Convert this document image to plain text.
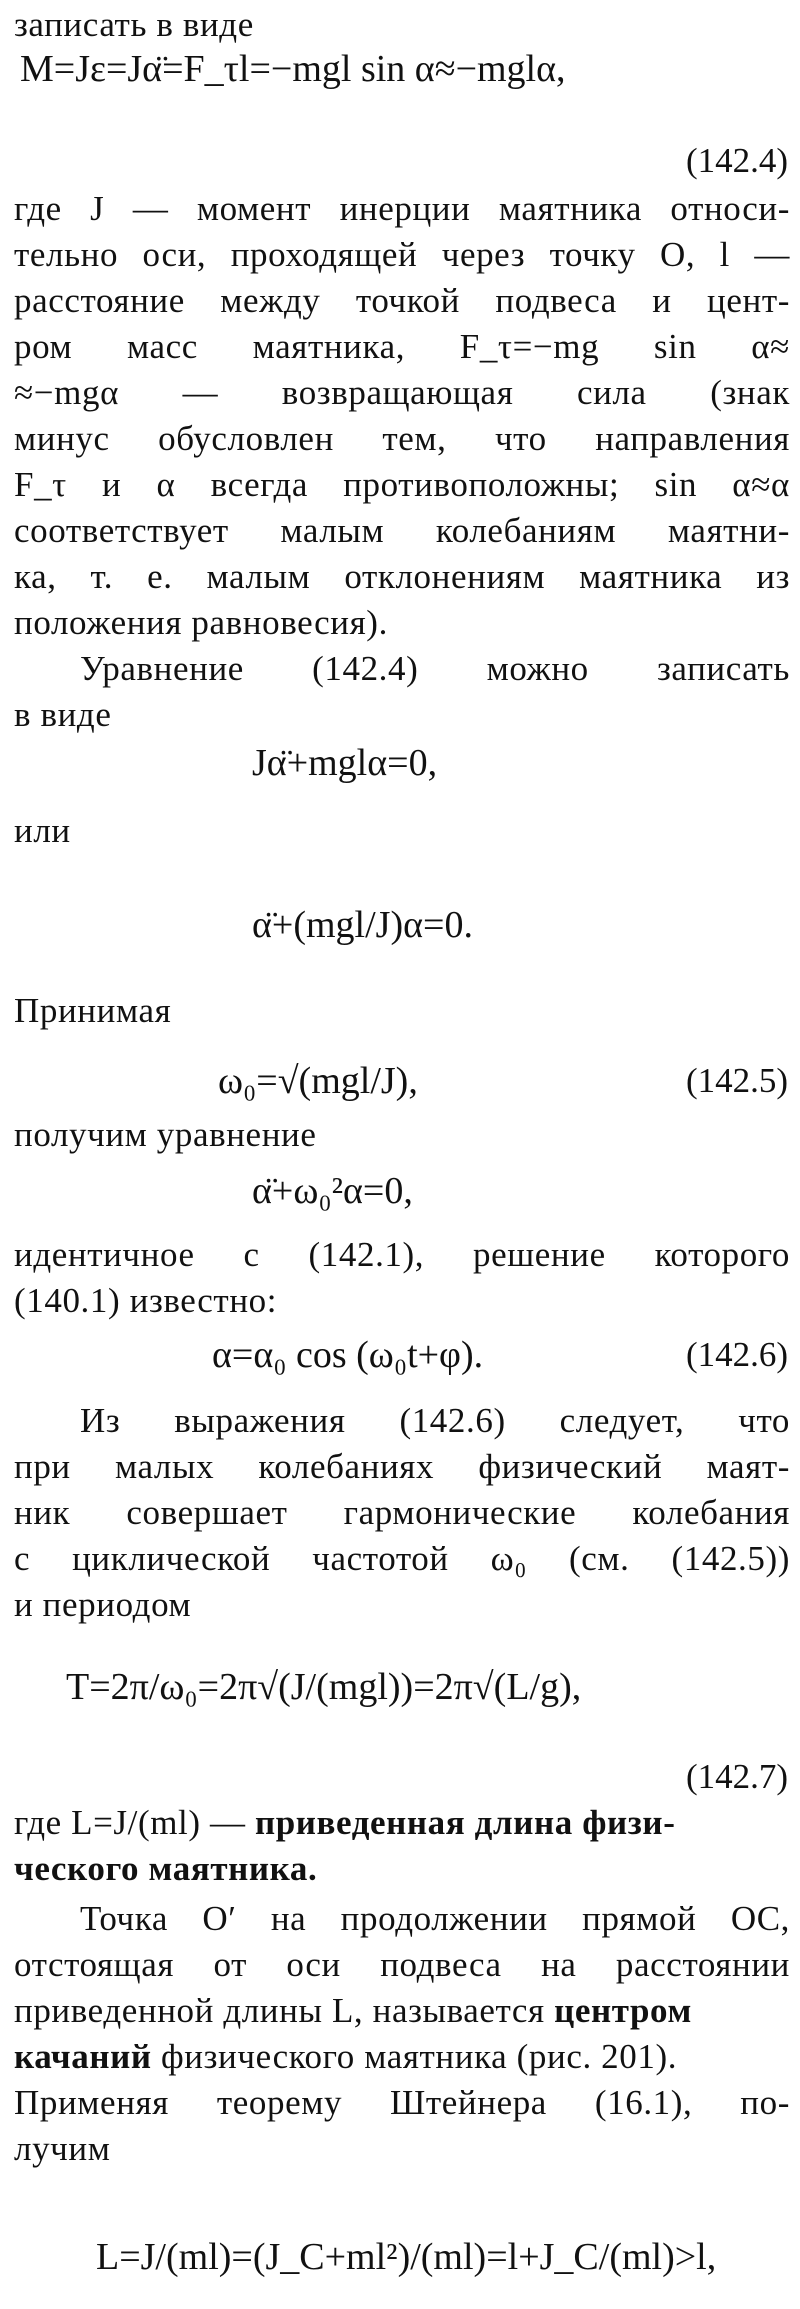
записать в виде
M=Jε=Jα̈=F_τl=−mgl sin α≈−mglα,
(142.4)
где J — момент инерции маятника относи-
тельно оси, проходящей через точку O, l —
расстояние между точкой подвеса и цент-
ром масс маятника, F_τ=−mg sin α≈
≈−mgα — возвращающая сила (знак
минус обусловлен тем, что направления
F_τ и α всегда противоположны; sin α≈α
соответствует малым колебаниям маятни-
ка, т. е. малым отклонениям маятника из
положения равновесия).
Уравнение (142.4) можно записать
в виде
Jα̈+mglα=0,
или
α̈+(mgl/J)α=0.
Принимая
ω₀=√(mgl/J),	(142.5)
получим уравнение
α̈+ω₀²α=0,
идентичное с (142.1), решение которого
(140.1) известно:
α=α₀ cos (ω₀t+φ).	(142.6)
Из выражения (142.6) следует, что
при малых колебаниях физический маят-
ник совершает гармонические колебания
с циклической частотой ω₀ (см. (142.5))
и периодом
T=2π/ω₀=2π√(J/(mgl))=2π√(L/g),
(142.7)
где L=J/(ml) — приведенная длина физи-
ческого маятника.
Точка O′ на продолжении прямой OC,
отстоящая от оси подвеса на расстоянии
приведенной длины L, называется центром
качаний физического маятника (рис. 201).
Применяя теорему Штейнера (16.1), по-
лучим
L=J/(ml)=(J_C+ml²)/(ml)=l+J_C/(ml)>l,
